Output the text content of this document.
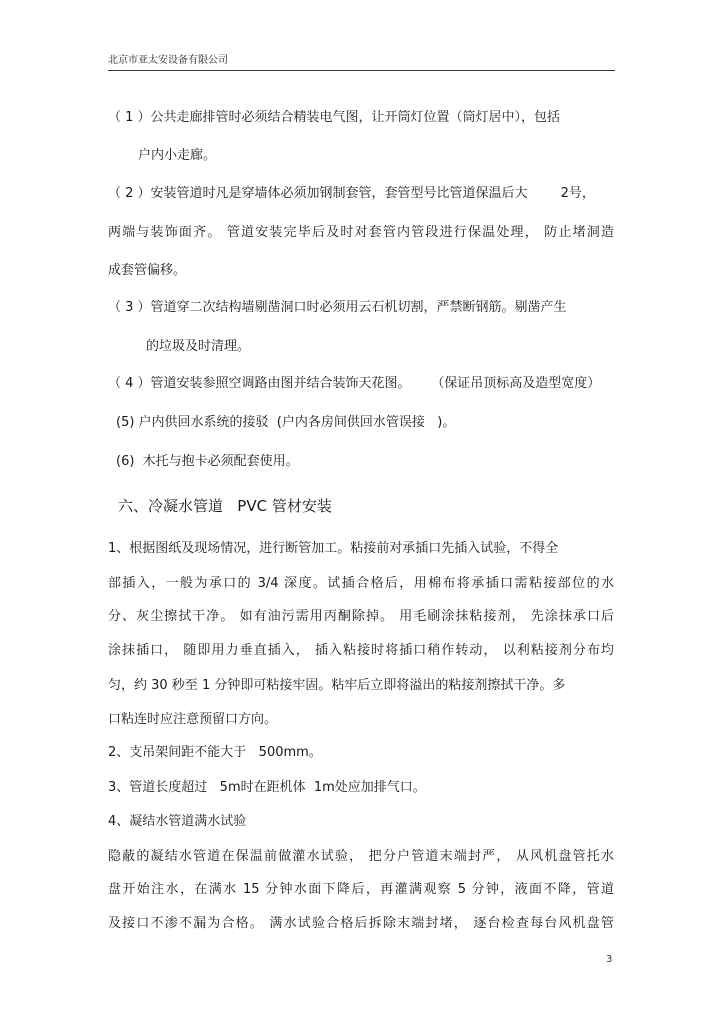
北京市亚太安设备有限公司
（ 1 ）公共走廊排管时必须结合精装电气图，让开筒灯位置（筒灯居中），包括
户内小走廊。
（ 2 ）安装管道时凡是穿墙体必须加钢制套管，套管型号比管道保温后大        2号，
两端与装饰面齐。 管道安装完毕后及时对套管内管段进行保温处理， 防止堵洞造
成套管偏移。
（ 3 ）管道穿二次结构墙剔凿洞口时必须用云石机切割，严禁断钢筋。剔凿产生
的垃圾及时清理。
（ 4 ）管道安装参照空调路由图并结合装饰天花图。     （保证吊顶标高及造型宽度）
(5) 户内供回水系统的接驳  (户内各房间供回水管误接   )。
(6)  木托与抱卡必须配套使用。
六、冷凝水管道   PVC 管材安装
1、根据图纸及现场情况，进行断管加工。粘接前对承插口先插入试验，不得全
部插入，一般为承口的 3/4 深度。试插合格后，用棉布将承插口需粘接部位的水
分、灰尘擦拭干净。 如有油污需用丙酮除掉。 用毛刷涂抹粘接剂， 先涂抹承口后
涂抹插口， 随即用力垂直插入， 插入粘接时将插口稍作转动， 以利粘接剂分布均
匀，约 30 秒至 1 分钟即可粘接牢固。粘牢后立即将溢出的粘接剂擦拭干净。多
口粘连时应注意预留口方向。
2、支吊架间距不能大于   500mm。
3、管道长度超过   5m时在距机体  1m处应加排气口。
4、凝结水管道满水试验
隐蔽的凝结水管道在保温前做灌水试验， 把分户管道末端封严， 从风机盘管托水
盘开始注水，在满水 15 分钟水面下降后，再灌满观察 5 分钟，液面不降，管道
及接口不渗不漏为合格。 满水试验合格后拆除末端封堵， 逐台检查每台风机盘管
3
